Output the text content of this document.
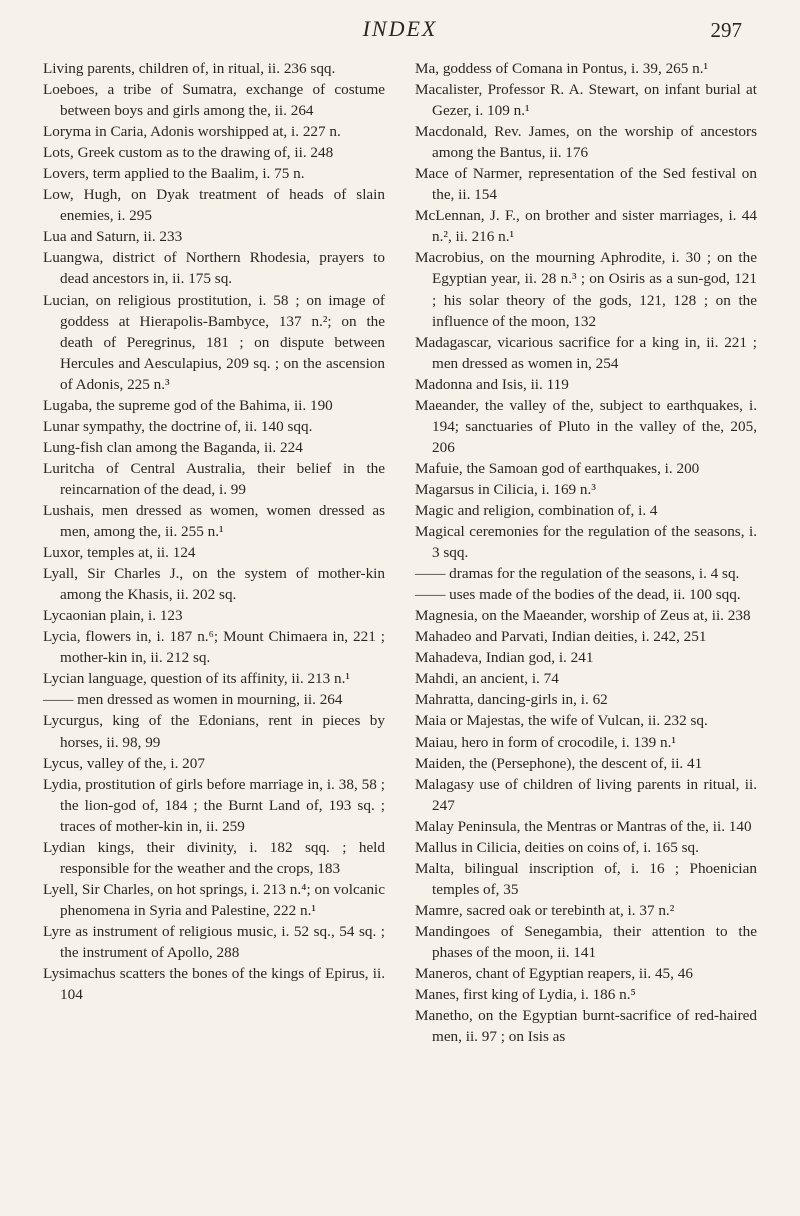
INDEX	297

Living parents, children of, in ritual, ii. 236 sqq.

Loeboes, a tribe of Sumatra, exchange of costume between boys and girls among the, ii. 264

Loryma in Caria, Adonis worshipped at, i. 227 n.

Lots, Greek custom as to the drawing of, ii. 248

Lovers, term applied to the Baalim, i. 75 n.

Low, Hugh, on Dyak treatment of heads of slain enemies, i. 295

Lua and Saturn, ii. 233

Luangwa, district of Northern Rhodesia, prayers to dead ancestors in, ii. 175 sq.

Lucian, on religious prostitution, i. 58 ; on image of goddess at Hierapolis-Bambyce, 137 n.²; on the death of Peregrinus, 181 ; on dispute between Hercules and Aesculapius, 209 sq. ; on the ascension of Adonis, 225 n.³

Lugaba, the supreme god of the Bahima, ii. 190

Lunar sympathy, the doctrine of, ii. 140 sqq.

Lung-fish clan among the Baganda, ii. 224

Luritcha of Central Australia, their belief in the reincarnation of the dead, i. 99

Lushais, men dressed as women, women dressed as men, among the, ii. 255 n.¹

Luxor, temples at, ii. 124

Lyall, Sir Charles J., on the system of mother-kin among the Khasis, ii. 202 sq.

Lycaonian plain, i. 123

Lycia, flowers in, i. 187 n.⁶; Mount Chimaera in, 221 ; mother-kin in, ii. 212 sq.

Lycian language, question of its affinity, ii. 213 n.¹

—— men dressed as women in mourning, ii. 264

Lycurgus, king of the Edonians, rent in pieces by horses, ii. 98, 99

Lycus, valley of the, i. 207

Lydia, prostitution of girls before marriage in, i. 38, 58 ; the lion-god of, 184 ; the Burnt Land of, 193 sq. ; traces of mother-kin in, ii. 259

Lydian kings, their divinity, i. 182 sqq. ; held responsible for the weather and the crops, 183

Lyell, Sir Charles, on hot springs, i. 213 n.⁴; on volcanic phenomena in Syria and Palestine, 222 n.¹

Lyre as instrument of religious music, i. 52 sq., 54 sq. ; the instrument of Apollo, 288

Lysimachus scatters the bones of the kings of Epirus, ii. 104

Ma, goddess of Comana in Pontus, i. 39, 265 n.¹

Macalister, Professor R. A. Stewart, on infant burial at Gezer, i. 109 n.¹

Macdonald, Rev. James, on the worship of ancestors among the Bantus, ii. 176

Mace of Narmer, representation of the Sed festival on the, ii. 154

McLennan, J. F., on brother and sister marriages, i. 44 n.², ii. 216 n.¹

Macrobius, on the mourning Aphrodite, i. 30 ; on the Egyptian year, ii. 28 n.³ ; on Osiris as a sun-god, 121 ; his solar theory of the gods, 121, 128 ; on the influence of the moon, 132

Madagascar, vicarious sacrifice for a king in, ii. 221 ; men dressed as women in, 254

Madonna and Isis, ii. 119

Maeander, the valley of the, subject to earthquakes, i. 194; sanctuaries of Pluto in the valley of the, 205, 206

Mafuie, the Samoan god of earthquakes, i. 200

Magarsus in Cilicia, i. 169 n.³

Magic and religion, combination of, i. 4

Magical ceremonies for the regulation of the seasons, i. 3 sqq.

—— dramas for the regulation of the seasons, i. 4 sq.

—— uses made of the bodies of the dead, ii. 100 sqq.

Magnesia, on the Maeander, worship of Zeus at, ii. 238

Mahadeo and Parvati, Indian deities, i. 242, 251

Mahadeva, Indian god, i. 241

Mahdi, an ancient, i. 74

Mahratta, dancing-girls in, i. 62

Maia or Majestas, the wife of Vulcan, ii. 232 sq.

Maiau, hero in form of crocodile, i. 139 n.¹

Maiden, the (Persephone), the descent of, ii. 41

Malagasy use of children of living parents in ritual, ii. 247

Malay Peninsula, the Mentras or Mantras of the, ii. 140

Mallus in Cilicia, deities on coins of, i. 165 sq.

Malta, bilingual inscription of, i. 16 ; Phoenician temples of, 35

Mamre, sacred oak or terebinth at, i. 37 n.²

Mandingoes of Senegambia, their attention to the phases of the moon, ii. 141

Maneros, chant of Egyptian reapers, ii. 45, 46

Manes, first king of Lydia, i. 186 n.⁵

Manetho, on the Egyptian burnt-sacrifice of red-haired men, ii. 97 ; on Isis as
